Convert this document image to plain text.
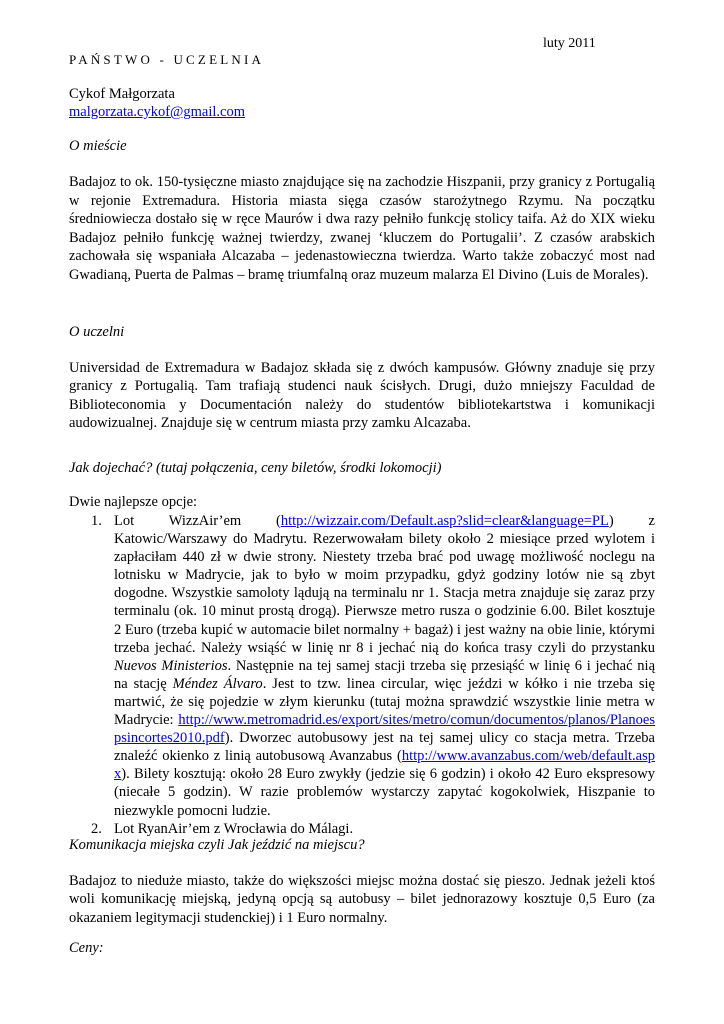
luty 2011
PAŃSTWO - UCZELNIA
Cykof Małgorzata
malgorzata.cykof@gmail.com
O mieście
Badajoz to ok. 150-tysięczne miasto znajdujące się na zachodzie Hiszpanii, przy granicy z Portugalią w rejonie Extremadura. Historia miasta sięga czasów starożytnego Rzymu. Na początku średniowiecza dostało się w ręce Maurów i dwa razy pełniło funkcję stolicy taifa. Aż do XIX wieku Badajoz pełniło funkcję ważnej twierdzy, zwanej ‘kluczem do Portugalii’. Z czasów arabskich zachowała się wspaniała Alcazaba – jedenastowieczna twierdza. Warto także zobaczyć most nad Gwadianą, Puerta de Palmas – bramę triumfalną oraz muzeum malarza El Divino (Luis de Morales).
O uczelni
Universidad de Extremadura w Badajoz składa się z dwóch kampusów. Główny znaduje się przy granicy z Portugalią. Tam trafiają studenci nauk ścisłych. Drugi, dużo mniejszy Faculdad de Biblioteconomia y Documentación należy do studentów bibliotekartstwa i komunikacji audowizualnej. Znajduje się w centrum miasta przy zamku Alcazaba.
Jak dojechać? (tutaj połączenia, ceny biletów, środki lokomocji)
Dwie najlepsze opcje:
1. Lot WizzAir’em (http://wizzair.com/Default.asp?slid=clear&language=PL) z Katowic/Warszawy do Madrytu. Rezerwowałam bilety około 2 miesiące przed wylotem i zapłaciłam 440 zł w dwie strony. Niestety trzeba brać pod uwagę możliwość noclegu na lotnisku w Madrycie, jak to było w moim przypadku, gdyż godziny lotów nie są zbyt dogodne. Wszystkie samoloty lądują na terminalu nr 1. Stacja metra znajduje się zaraz przy terminalu (ok. 10 minut prostą drogą). Pierwsze metro rusza o godzinie 6.00. Bilet kosztuje 2 Euro (trzeba kupić w automacie bilet normalny + bagaż) i jest ważny na obie linie, którymi trzeba jechać. Należy wsiąść w linię nr 8 i jechać nią do końca trasy czyli do przystanku Nuevos Ministerios. Następnie na tej samej stacji trzeba się przesiąść w linię 6 i jechać nią na stację Méndez Álvaro. Jest to tzw. linea circular, więc jeździ w kółko i nie trzeba się martwić, że się pojedzie w złym kierunku (tutaj można sprawdzić wszystkie linie metra w Madrycie: http://www.metromadrid.es/export/sites/metro/comun/documentos/planos/Planoespsincortes2010.pdf). Dworzec autobusowy jest na tej samej ulicy co stacja metra. Trzeba znaleźć okienko z linią autobusową Avanzabus (http://www.avanzabus.com/web/default.aspx). Bilety kosztują: około 28 Euro zwykły (jedzie się 6 godzin) i około 42 Euro ekspresowy (niecałe 5 godzin). W razie problemów wystarczy zapytać kogokolwiek, Hiszpanie to niezwykle pomocni ludzie.
2. Lot RyanAir’em z Wrocławia do Málagi.
Komunikacja miejska czyli Jak jeździć na miejscu?
Badajoz to nieduże miasto, także do większości miejsc można dostać się pieszo. Jednak jeżeli ktoś woli komunikację miejską, jedyną opcją są autobusy – bilet jednorazowy kosztuje 0,5 Euro (za okazaniem legitymacji studenckiej) i 1 Euro normalny.
Ceny:
